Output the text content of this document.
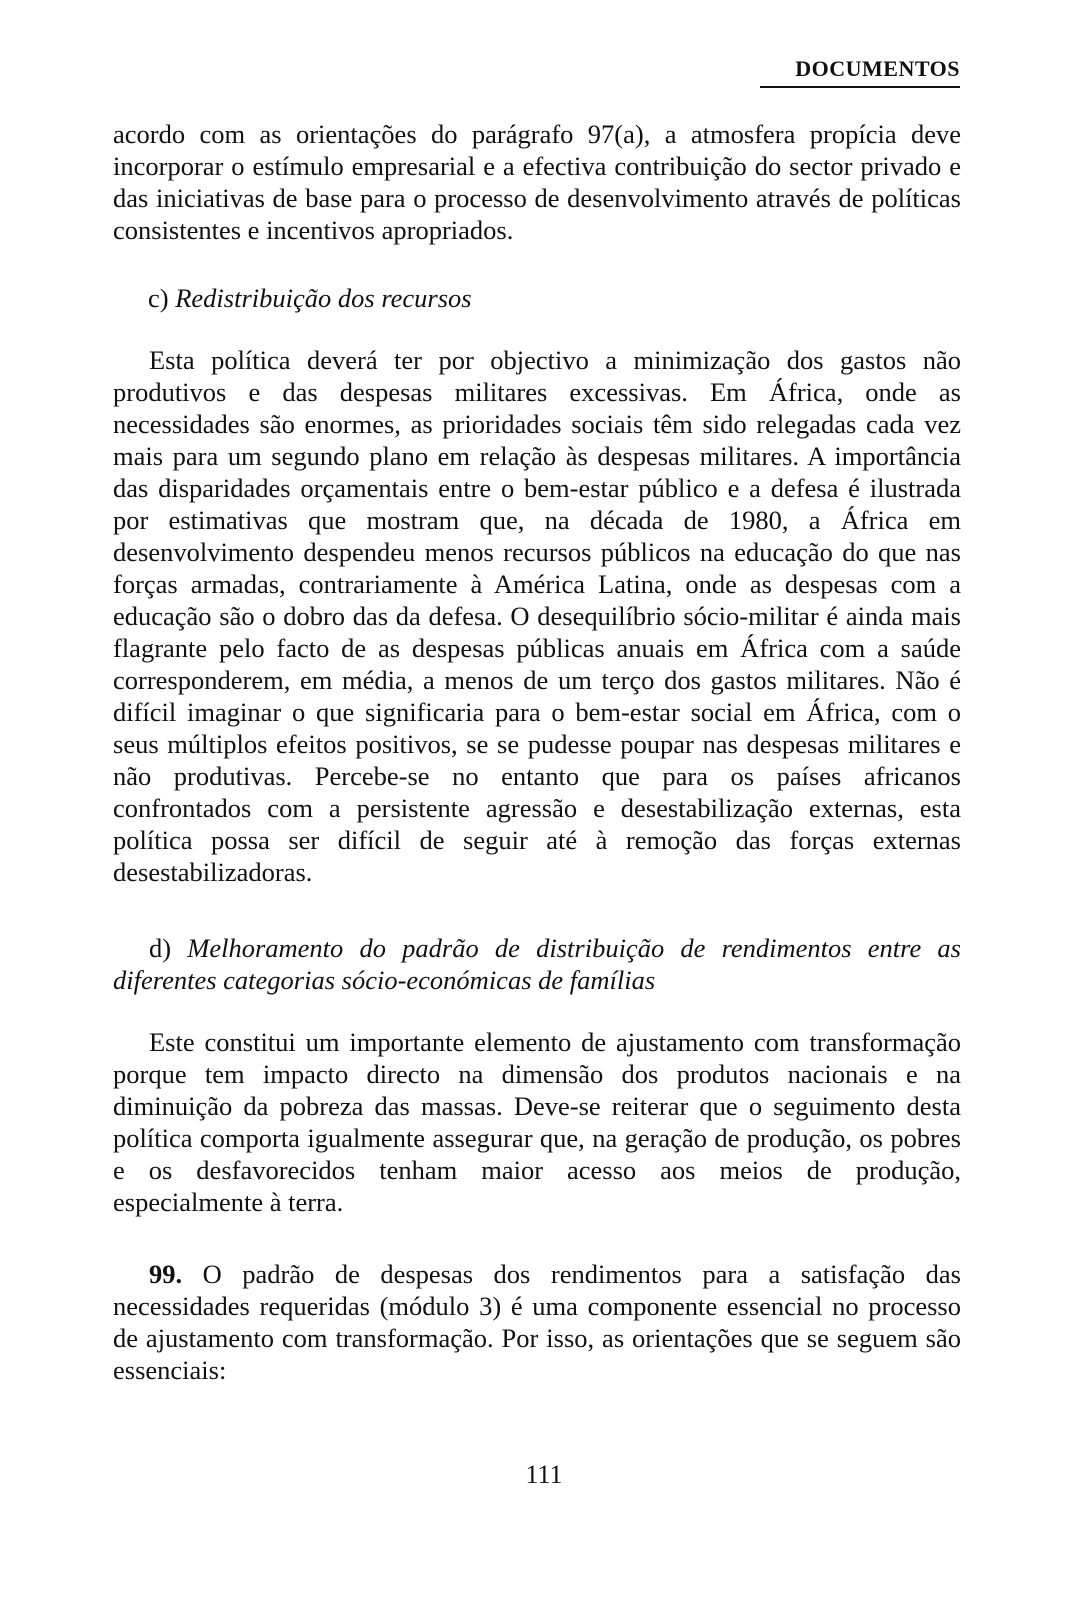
DOCUMENTOS

acordo com as orientações do parágrafo 97(a), a atmosfera propícia deve incorporar o estímulo empresarial e a efectiva contribuição do sector privado e das iniciativas de base para o processo de desenvolvimento através de políticas consistentes e incentivos apropriados.

c) Redistribuição dos recursos

Esta política deverá ter por objectivo a minimização dos gastos não produtivos e das despesas militares excessivas. Em África, onde as necessidades são enormes, as prioridades sociais têm sido relegadas cada vez mais para um segundo plano em relação às despesas militares. A importância das disparidades orçamentais entre o bem-estar público e a defesa é ilustrada por estimativas que mostram que, na década de 1980, a África em desenvolvimento despendeu menos recursos públicos na educação do que nas forças armadas, contrariamente à América Latina, onde as despesas com a educação são o dobro das da defesa. O desequilíbrio sócio-militar é ainda mais flagrante pelo facto de as despesas públicas anuais em África com a saúde corresponderem, em média, a menos de um terço dos gastos militares. Não é difícil imaginar o que significaria para o bem-estar social em África, com o seus múltiplos efeitos positivos, se se pudesse poupar nas despesas militares e não produtivas. Percebe-se no entanto que para os países africanos confrontados com a persistente agressão e desestabilização externas, esta política possa ser difícil de seguir até à remoção das forças externas desestabilizadoras.

d) Melhoramento do padrão de distribuição de rendimentos entre as diferentes categorias sócio-económicas de famílias

Este constitui um importante elemento de ajustamento com transformação porque tem impacto directo na dimensão dos produtos nacionais e na diminuição da pobreza das massas. Deve-se reiterar que o seguimento desta política comporta igualmente assegurar que, na geração de produção, os pobres e os desfavorecidos tenham maior acesso aos meios de produção, especialmente à terra.

99. O padrão de despesas dos rendimentos para a satisfação das necessidades requeridas (módulo 3) é uma componente essencial no processo de ajustamento com transformação. Por isso, as orientações que se seguem são essenciais:

111
